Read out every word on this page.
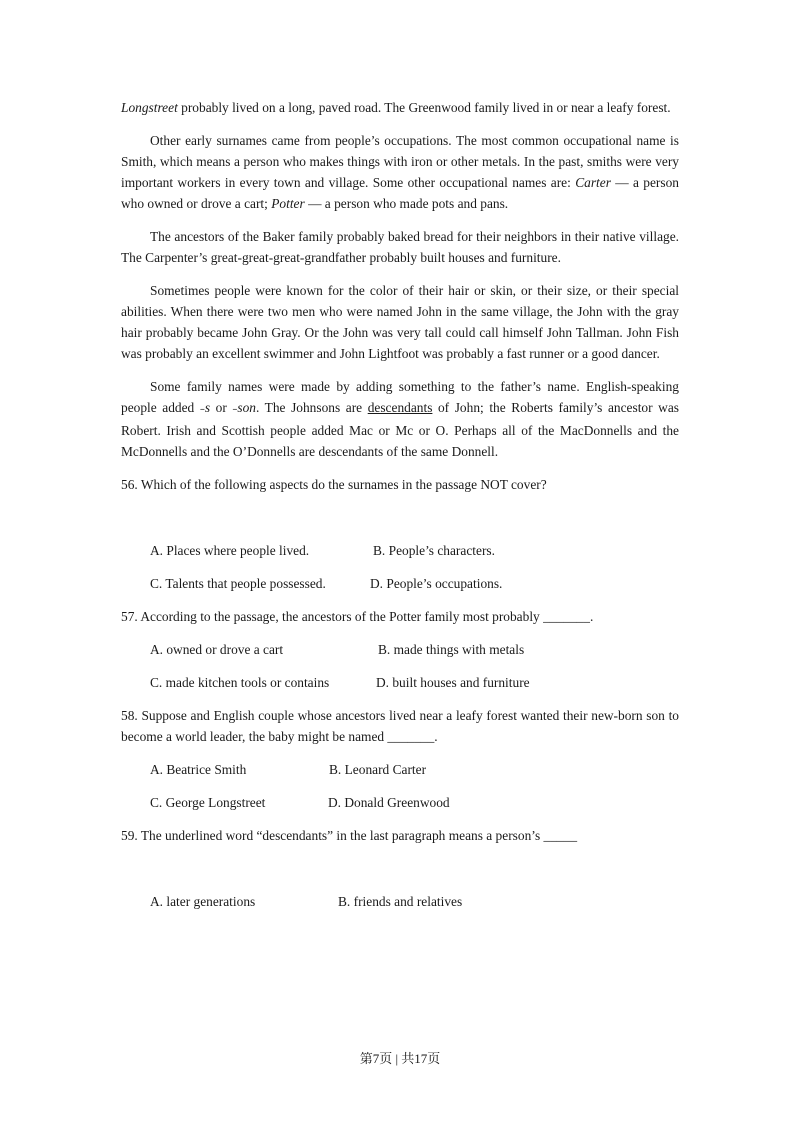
Longstreet probably lived on a long, paved road. The Greenwood family lived in or near a leafy forest.

Other early surnames came from people’s occupations. The most common occupational name is Smith, which means a person who makes things with iron or other metals. In the past, smiths were very important workers in every town and village. Some other occupational names are: Carter — a person who owned or drove a cart; Potter — a person who made pots and pans.

The ancestors of the Baker family probably baked bread for their neighbors in their native village. The Carpenter’s great-great-great-grandfather probably built houses and furniture.

Sometimes people were known for the color of their hair or skin, or their size, or their special abilities. When there were two men who were named John in the same village, the John with the gray hair probably became John Gray. Or the John was very tall could call himself John Tallman. John Fish was probably an excellent swimmer and John Lightfoot was probably a fast runner or a good dancer.

Some family names were made by adding something to the father’s name. English-speaking people added –s or –son. The Johnsons are descendants of John; the Roberts family’s ancestor was Robert. Irish and Scottish people added Mac or Mc or O. Perhaps all of the MacDonnells and the McDonnells and the O’Donnells are descendants of the same Donnell.

56. Which of the following aspects do the surnames in the passage NOT cover?

A. Places where people lived.	B. People’s characters.
C. Talents that people possessed.	D. People’s occupations.

57. According to the passage, the ancestors of the Potter family most probably _______.

A. owned or drove a cart	B. made things with metals
C. made kitchen tools or contains	D. built houses and furniture

58. Suppose and English couple whose ancestors lived near a leafy forest wanted their new-born son to become a world leader, the baby might be named _______.

A. Beatrice Smith	B. Leonard Carter
C. George Longstreet	D. Donald Greenwood

59. The underlined word “descendants” in the last paragraph means a person’s _____

A. later generations	B. friends and relatives
第7页 | 共17页
